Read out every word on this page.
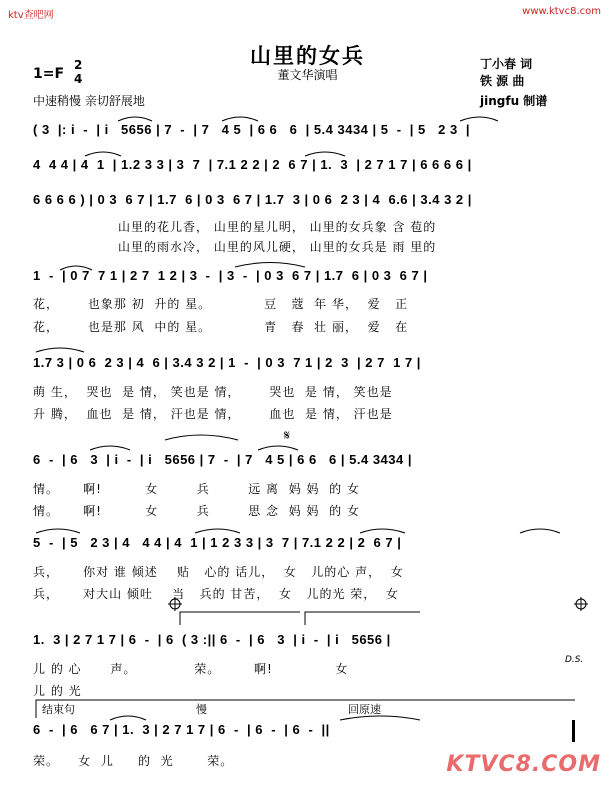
ktv查吧网	www.ktvc8.com
山里的女兵
董文华演唱
1=F
2
4
中速稍慢 亲切舒展地
丁小春 词
铁 源 曲
jingfu 制谱
( 3  |: i  -  | i   5656 | 7  -  | 7   4 5  | 6 6   6  | 5.4 3434 | 5  -  | 5   2 3  |
4  4 4 | 4  1  | 1.2 3 3 | 3  7  | 7.1 2 2 | 2  6 7 | 1.  3  | 2 7 1 7 | 6 6 6 6 |
6 6 6 6 ) | 0 3  6 7 | 1.7  6 | 0 3  6 7 | 1.7  3 | 0 6  2 3 | 4  6.6 | 3.4 3 2 |
山里的花儿香， 山里的星儿明， 山里的女兵象 含 苞的
山里的雨水冷， 山里的风儿硬， 山里的女兵是 雨 里的
1  -  | 0 7  7 1 | 2 7  1 2 | 3  -  | 3  -  | 0 3  6 7 | 1.7  6 | 0 3  6 7 |
花，      也象那 初  升的 星。           豆   蔻  年 华，  爱   正
花，      也是那 风  中的 星。           青   春  壮 丽，  爱   在
1.7 3 | 0 6  2 3 | 4  6 | 3.4 3 2 | 1  -  | 0 3  7 1 | 2  3  | 2 7  1 7 |
萌 生，  哭也  是 情， 笑也是 情，      哭也  是 情， 笑也是
升 腾，  血也  是 情， 汗也是 情，      血也  是 情， 汗也是
6  -  | 6   3  | i  -  | i   5656 | 7  -  | 7   4 5 | 6 6   6 | 5.4 3434 |
情。     啊!         女        兵        远 离  妈 妈  的 女
情。     啊!         女        兵        思 念  妈 妈  的 女
5  -  | 5   2 3 | 4   4 4 | 4  1 | 1 2 3 3 | 3  7 | 7.1 2 2 | 2  6 7 |
兵，     你对 谁 倾述    贴   心的 话儿，  女   儿的心 声，  女
兵，     对大山 倾吐    当   兵的 甘苦，  女   儿的光 荣，  女
1.  3 | 2 7 1 7 | 6  -  | 6  ( 3 :|| 6  -  | 6   3  | i  -  | i   5656 |
儿 的 心      声。            荣。       啊!             女
儿 的 光
D.S.
结束句	慢	回原速
6  -  | 6   6 7 | 1.  3 | 2 7 1 7 | 6  -  | 6  -  | 6  -  ||
荣。    女  儿     的  光       荣。	KTVC8.COM
𝄋
